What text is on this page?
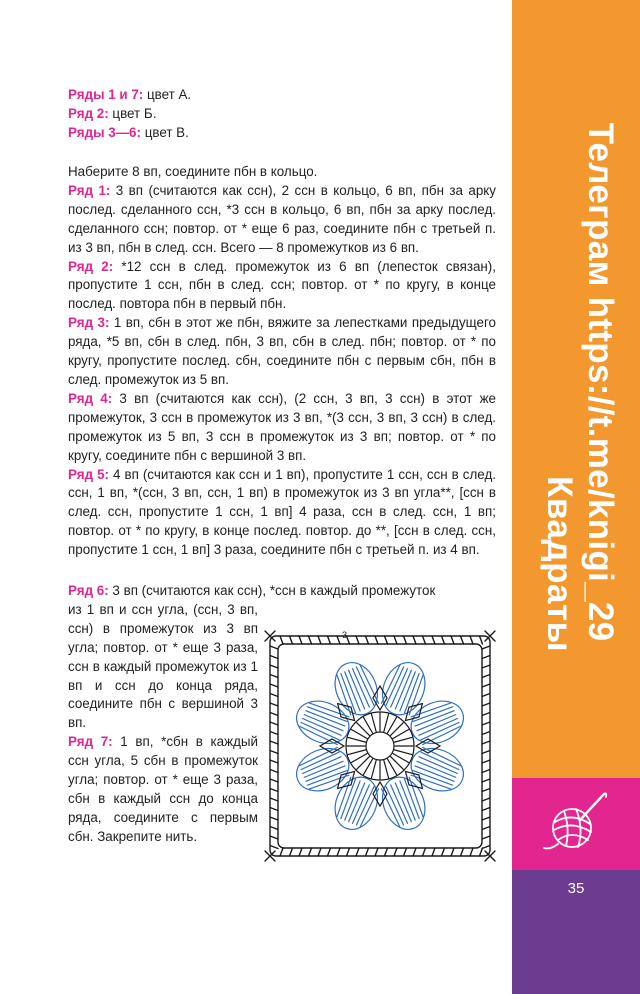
Телеграм https://t.me/knigi_29
Квадраты
35

Ряды 1 и 7: цвет А.

Ряд 2: цвет Б.

Ряды 3—6: цвет В.

Наберите 8 вп, соедините пбн в кольцо.

Ряд 1: 3 вп (считаются как ссн), 2 ссн в кольцо, 6 вп, пбн за арку послед. сделанного ссн, *3 ссн в кольцо, 6 вп, пбн за арку послед. сделанного ссн; повтор. от * еще 6 раз, соедините пбн с третьей п. из 3 вп, пбн в след. ссн. Всего — 8 промежутков из 6 вп.

Ряд 2: *12 ссн в след. промежуток из 6 вп (лепесток связан), пропустите 1 ссн, пбн в след. ссн; повтор. от * по кругу, в конце послед. повтора пбн в первый пбн.

Ряд 3: 1 вп, сбн в этот же пбн, вяжите за лепестками предыдущего ряда, *5 вп, сбн в след. пбн, 3 вп, сбн в след. пбн; повтор. от * по кругу, пропустите послед. сбн, соедините пбн с первым сбн, пбн в след. промежуток из 5 вп.

Ряд 4: 3 вп (считаются как ссн), (2 ссн, 3 вп, 3 ссн) в этот же промежуток, 3 ссн в промежуток из 3 вп, *(3 ссн, 3 вп, 3 ссн) в след. промежуток из 5 вп, 3 ссн в промежуток из 3 вп; повтор. от * по кругу, соедините пбн с вершиной 3 вп.

Ряд 5: 4 вп (считаются как ссн и 1 вп), пропустите 1 ссн, ссн в след. ссн, 1 вп, *(ссн, 3 вп, ссн, 1 вп) в промежуток из 3 вп угла**, [ссн в след. ссн, пропустите 1 ссн, 1 вп] 4 раза, ссн в след. ссн, 1 вп; повтор. от * по кругу, в конце послед. повтор. до **, [ссн в след. ссн, пропустите 1 ссн, 1 вп] 3 раза, соедините пбн с третьей п. из 4 вп.

Ряд 6: 3 вп (считаются как ссн), *ссн в каждый промежуток

из 1 вп и ссн угла, (ссн, 3 вп, ссн) в промежуток из 3 вп угла; повтор. от * еще 3 раза, ссн в каждый промежуток из 1 вп и ссн до конца ряда, соедините пбн с вершиной 3 вп.

Ряд 7: 1 вп, *сбн в каждый ссн угла, 5 сбн в промежуток угла; повтор. от * еще 3 раза, сбн в каждый ссн до конца ряда, соедините с первым сбн. Закрепите нить.

3
